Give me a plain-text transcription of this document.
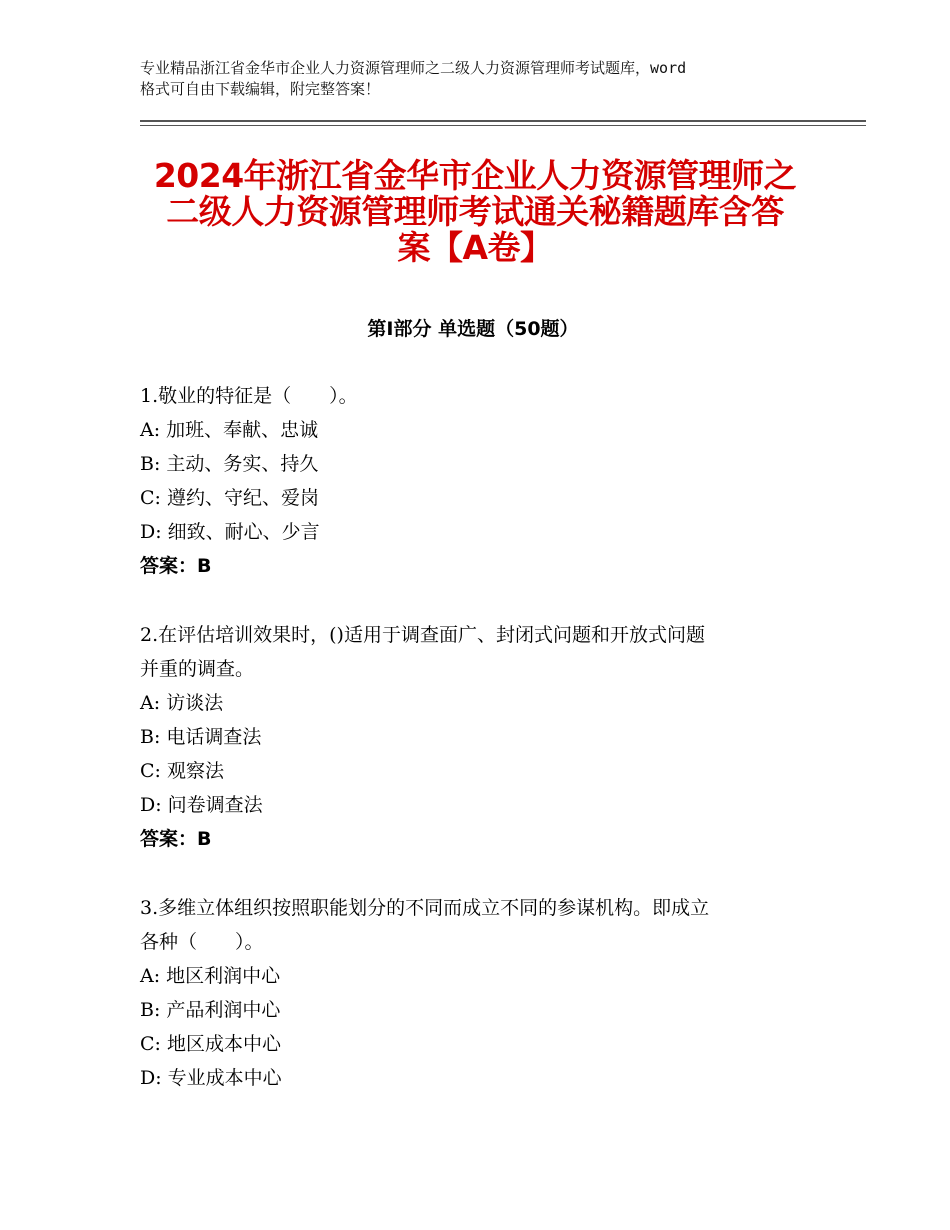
专业精品浙江省金华市企业人力资源管理师之二级人力资源管理师考试题库，word
格式可自由下载编辑，附完整答案！
2024年浙江省金华市企业人力资源管理师之
二级人力资源管理师考试通关秘籍题库含答
案【A卷】
第Ⅰ部分 单选题（50题）
1.敬业的特征是（　　）。
A: 加班、奉献、忠诚
B: 主动、务实、持久
C: 遵约、守纪、爱岗
D: 细致、耐心、少言
答案：B
2.在评估培训效果时，()适用于调查面广、封闭式问题和开放式问题
并重的调查。
A: 访谈法
B: 电话调查法
C: 观察法
D: 问卷调查法
答案：B
3.多维立体组织按照职能划分的不同而成立不同的参谋机构。即成立
各种（　　）。
A: 地区利润中心
B: 产品利润中心
C: 地区成本中心
D: 专业成本中心
